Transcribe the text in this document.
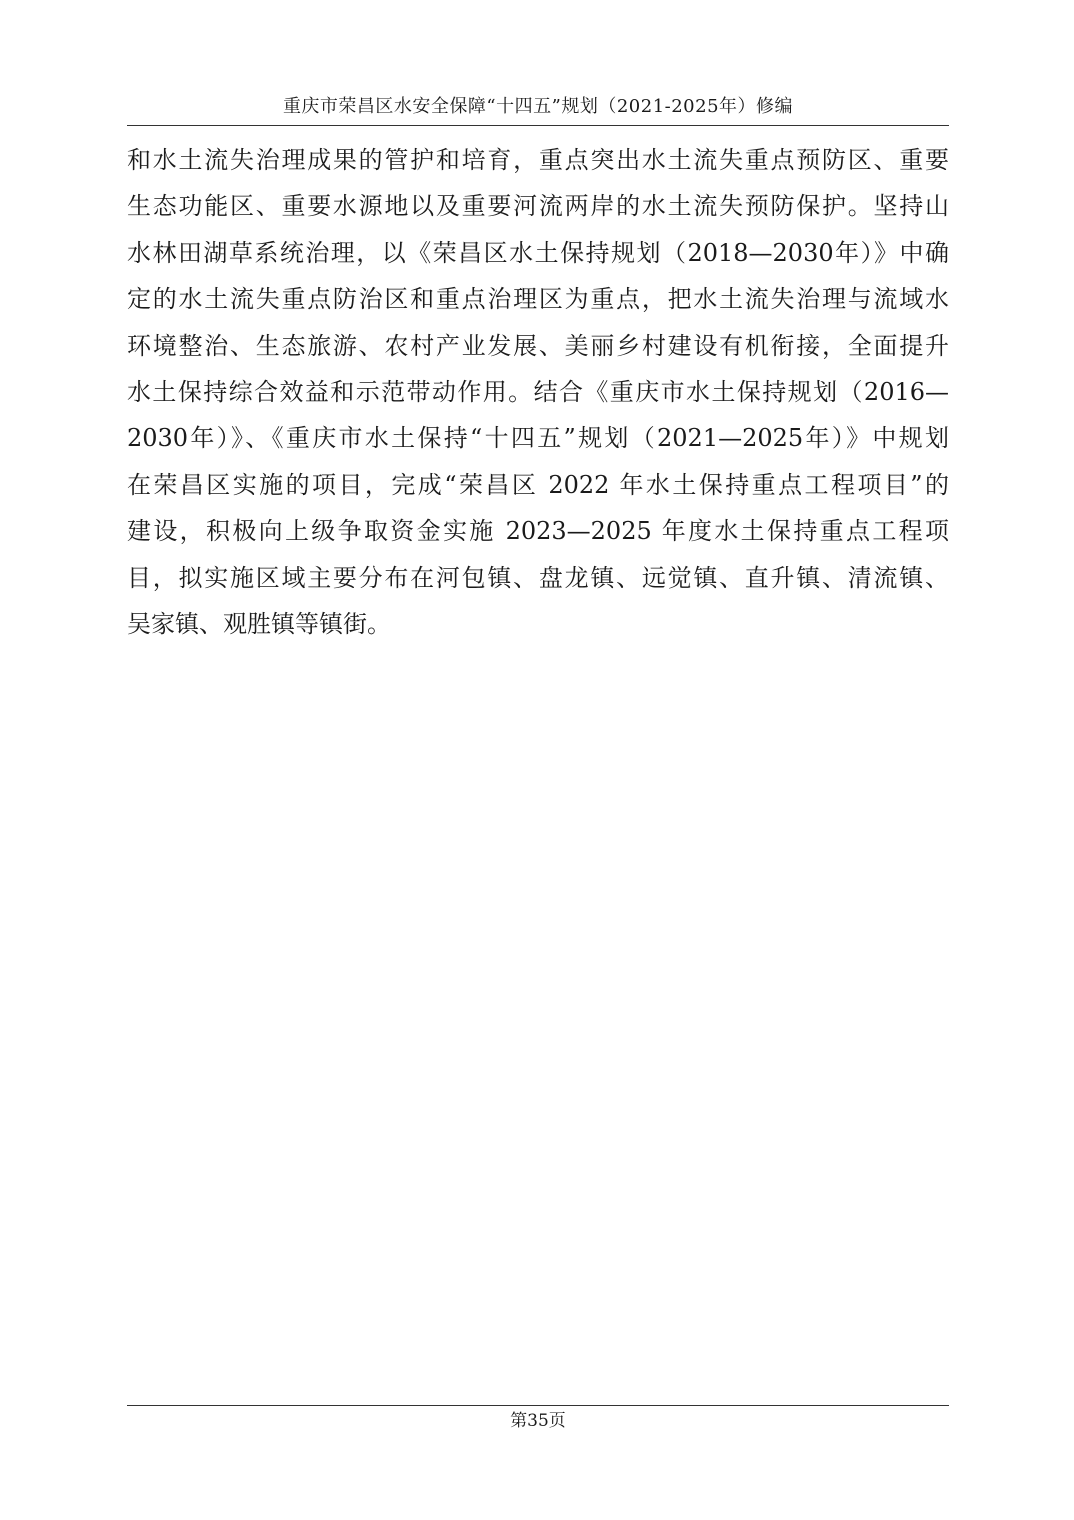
重庆市荣昌区水安全保障“十四五”规划（2021-2025年）修编
和水土流失治理成果的管护和培育，重点突出水土流失重点预防区、重要
生态功能区、重要水源地以及重要河流两岸的水土流失预防保护。坚持山
水林田湖草系统治理，以《荣昌区水土保持规划（2018—2030年）》中确
定的水土流失重点防治区和重点治理区为重点，把水土流失治理与流域水
环境整治、生态旅游、农村产业发展、美丽乡村建设有机衔接，全面提升
水土保持综合效益和示范带动作用。结合《重庆市水土保持规划（2016—
2030年）》、《重庆市水土保持“十四五”规划（2021—2025年）》中规划
在荣昌区实施的项目，完成“荣昌区 2022 年水土保持重点工程项目”的
建设，积极向上级争取资金实施 2023—2025 年度水土保持重点工程项
目，拟实施区域主要分布在河包镇、盘龙镇、远觉镇、直升镇、清流镇、
吴家镇、观胜镇等镇街。
第35页
